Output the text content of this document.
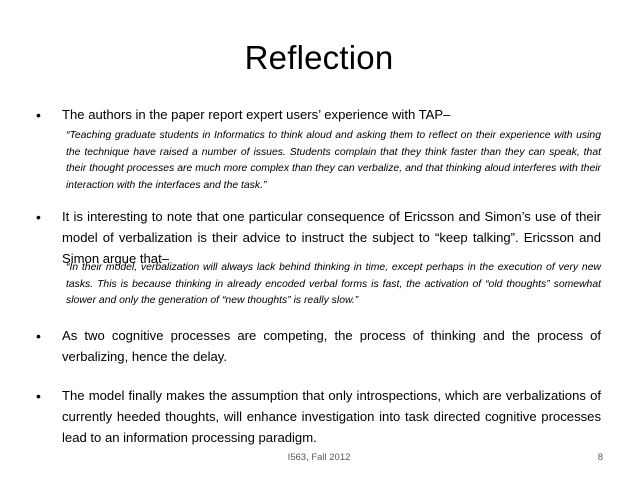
Reflection
• The authors in the paper report expert users’ experience with TAP–
“Teaching graduate students in Informatics to think aloud and asking them to reflect on their experience with using the technique have raised a number of issues. Students complain that they think faster than they can speak, that their thought processes are much more complex than they can verbalize, and that thinking aloud interferes with their interaction with the interfaces and the task.”
• It is interesting to note that one particular consequence of Ericsson and Simon’s use of their model of verbalization is their advice to instruct the subject to “keep talking”. Ericsson and Simon argue that–
“In their model, verbalization will always lack behind thinking in time, except perhaps in the execution of very new tasks. This is because thinking in already encoded verbal forms is fast, the activation of “old thoughts” somewhat slower and only the generation of “new thoughts” is really slow.”
• As two cognitive processes are competing, the process of thinking and the process of verbalizing, hence the delay.
• The model finally makes the assumption that only introspections, which are verbalizations of currently heeded thoughts, will enhance investigation into task directed cognitive processes lead to an information processing paradigm.
I563, Fall 2012	8
